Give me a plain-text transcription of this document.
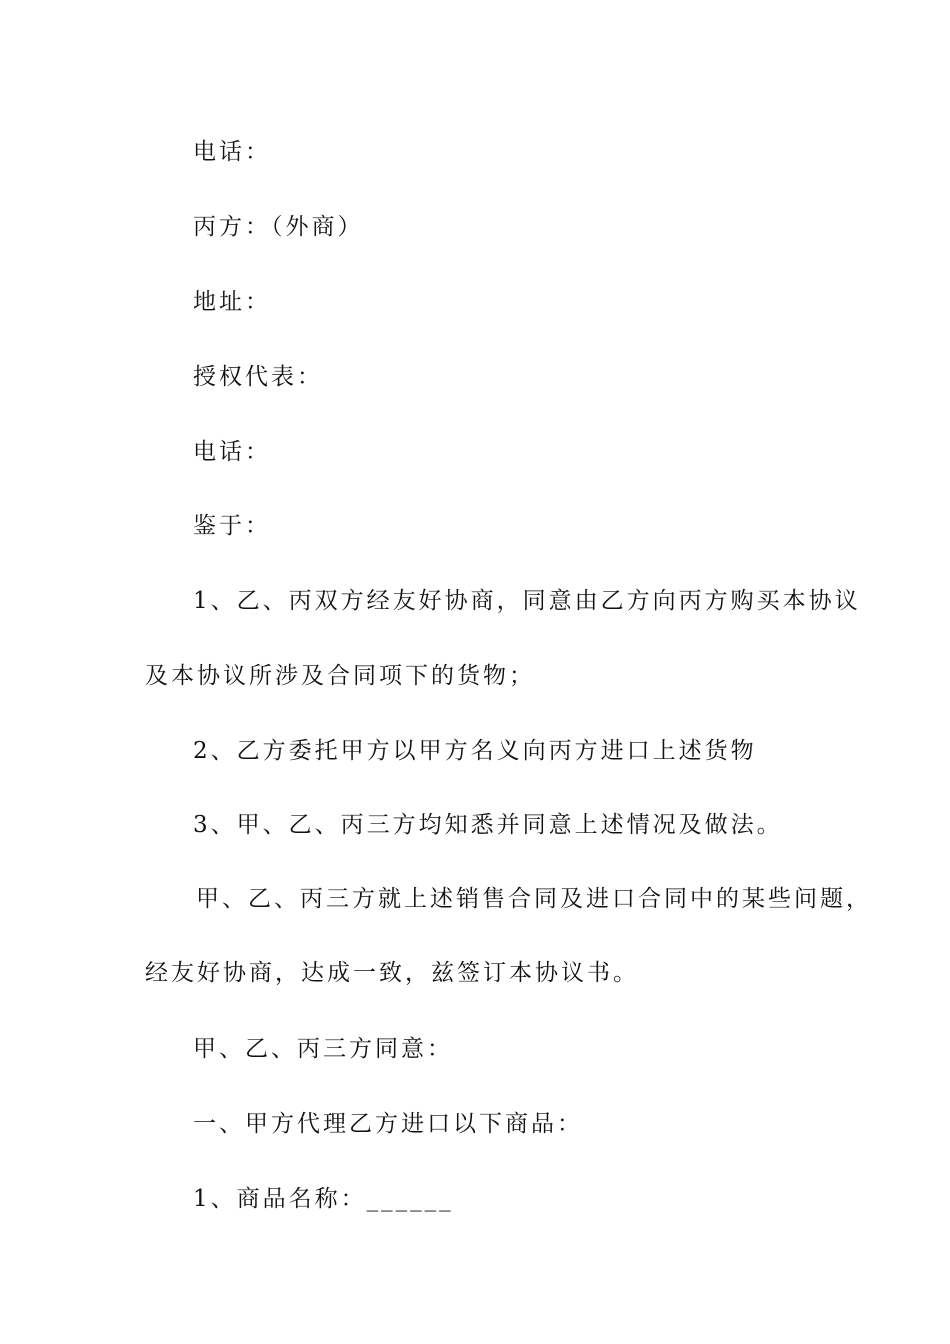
电话：
丙方：（外商）
地址：
授权代表：
电话：
鉴于：
1、乙、丙双方经友好协商，同意由乙方向丙方购买本协议
及本协议所涉及合同项下的货物；
2、乙方委托甲方以甲方名义向丙方进口上述货物
3、甲、乙、丙三方均知悉并同意上述情况及做法。
甲、乙、丙三方就上述销售合同及进口合同中的某些问题，
经友好协商，达成一致，兹签订本协议书。
甲、乙、丙三方同意：
一、甲方代理乙方进口以下商品：
1、商品名称：______
